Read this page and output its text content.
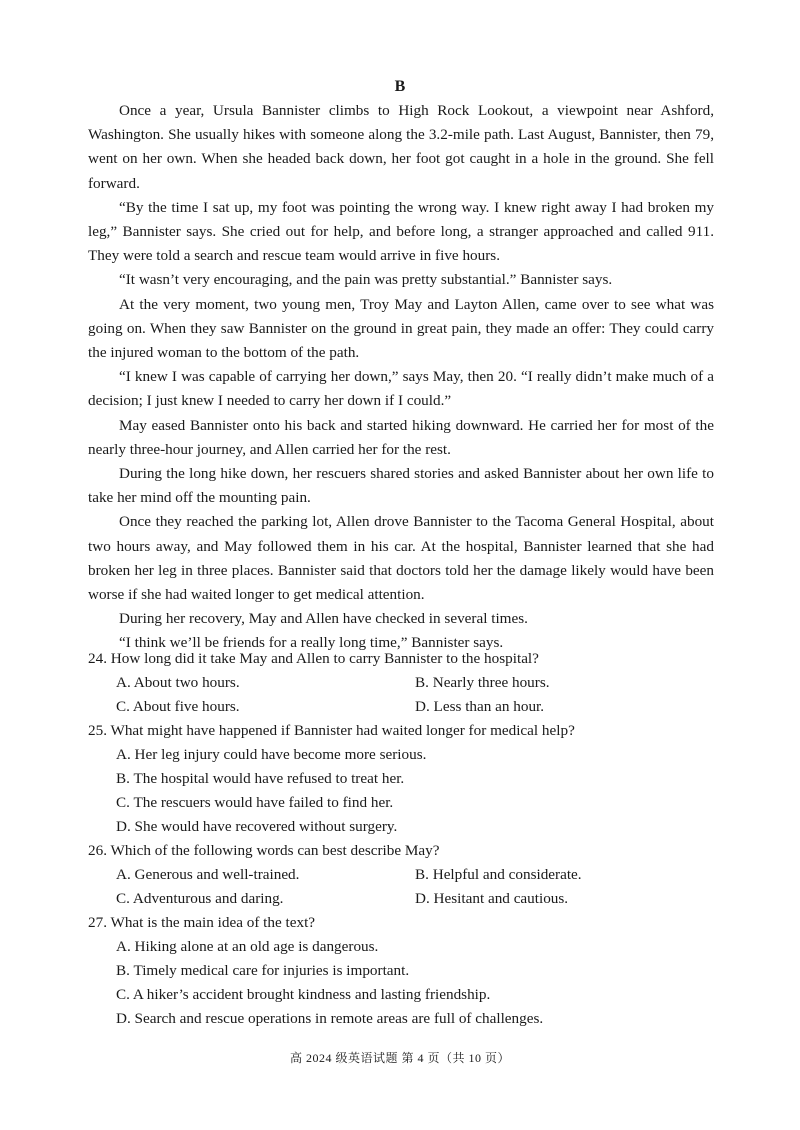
B

Once a year, Ursula Bannister climbs to High Rock Lookout, a viewpoint near Ashford, Washington. She usually hikes with someone along the 3.2-mile path. Last August, Bannister, then 79, went on her own. When she headed back down, her foot got caught in a hole in the ground. She fell forward.

“By the time I sat up, my foot was pointing the wrong way. I knew right away I had broken my leg,” Bannister says. She cried out for help, and before long, a stranger approached and called 911. They were told a search and rescue team would arrive in five hours.

“It wasn’t very encouraging, and the pain was pretty substantial.” Bannister says.

At the very moment, two young men, Troy May and Layton Allen, came over to see what was going on. When they saw Bannister on the ground in great pain, they made an offer: They could carry the injured woman to the bottom of the path.

“I knew I was capable of carrying her down,” says May, then 20. “I really didn’t make much of a decision; I just knew I needed to carry her down if I could.”

May eased Bannister onto his back and started hiking downward. He carried her for most of the nearly three-hour journey, and Allen carried her for the rest.

During the long hike down, her rescuers shared stories and asked Bannister about her own life to take her mind off the mounting pain.

Once they reached the parking lot, Allen drove Bannister to the Tacoma General Hospital, about two hours away, and May followed them in his car. At the hospital, Bannister learned that she had broken her leg in three places. Bannister said that doctors told her the damage likely would have been worse if she had waited longer to get medical attention.

During her recovery, May and Allen have checked in several times.

“I think we’ll be friends for a really long time,” Bannister says.

24. How long did it take May and Allen to carry Bannister to the hospital?
A. About two hours.	B. Nearly three hours.
C. About five hours.	D. Less than an hour.
25. What might have happened if Bannister had waited longer for medical help?
A. Her leg injury could have become more serious.
B. The hospital would have refused to treat her.
C. The rescuers would have failed to find her.
D. She would have recovered without surgery.
26. Which of the following words can best describe May?
A. Generous and well-trained.	B. Helpful and considerate.
C. Adventurous and daring.	D. Hesitant and cautious.
27. What is the main idea of the text?
A. Hiking alone at an old age is dangerous.
B. Timely medical care for injuries is important.
C. A hiker’s accident brought kindness and lasting friendship.
D. Search and rescue operations in remote areas are full of challenges.
高 2024 级英语试题 第 4 页（共 10 页）
